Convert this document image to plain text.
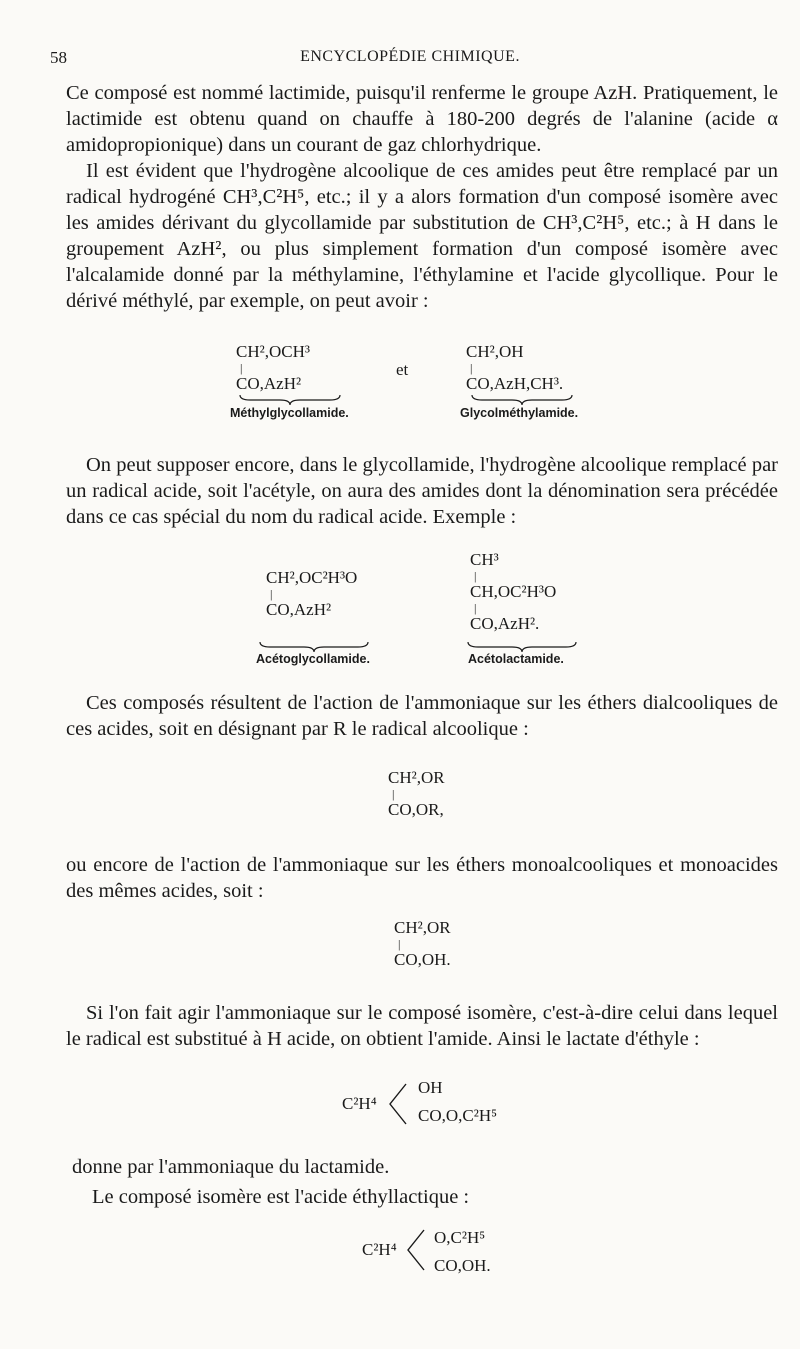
58	ENCYCLOPÉDIE CHIMIQUE.

Ce composé est nommé lactimide, puisqu'il renferme le groupe AzH. Pratiquement, le lactimide est obtenu quand on chauffe à 180-200 degrés de l'alanine (acide α amidopropionique) dans un courant de gaz chlorhydrique.

Il est évident que l'hydrogène alcoolique de ces amides peut être remplacé par un radical hydrogéné CH³,C²H⁵, etc.; il y a alors formation d'un composé isomère avec les amides dérivant du glycollamide par substitution de CH³,C²H⁵, etc.; à H dans le groupement AzH², ou plus simplement formation d'un composé isomère avec l'alcalamide donné par la méthylamine, l'éthylamine et l'acide glycollique. Pour le dérivé méthylé, par exemple, on peut avoir :

CH²,OCH³
|
CO,AzH²
et
CH²,OH
|
CO,AzH,CH³.
Méthylglycollamide.	Glycolméthylamide.

On peut supposer encore, dans le glycollamide, l'hydrogène alcoolique remplacé par un radical acide, soit l'acétyle, on aura des amides dont la dénomination sera précédée dans ce cas spécial du nom du radical acide. Exemple :

CH²,OC²H³O
|
CO,AzH²
CH³
|
CH,OC²H³O
|
CO,AzH².
Acétoglycollamide.	Acétolactamide.

Ces composés résultent de l'action de l'ammoniaque sur les éthers dialcooliques de ces acides, soit en désignant par R le radical alcoolique :

CH²,OR
|
CO,OR,

ou encore de l'action de l'ammoniaque sur les éthers monoalcooliques et monoacides des mêmes acides, soit :

CH²,OR
|
CO,OH.

Si l'on fait agir l'ammoniaque sur le composé isomère, c'est-à-dire celui dans lequel le radical est substitué à H acide, on obtient l'amide. Ainsi le lactate d'éthyle :

C²H⁴
OH
CO,O,C²H⁵

donne par l'ammoniaque du lactamide.

Le composé isomère est l'acide éthyllactique :

C²H⁴
O,C²H⁵
CO,OH.
